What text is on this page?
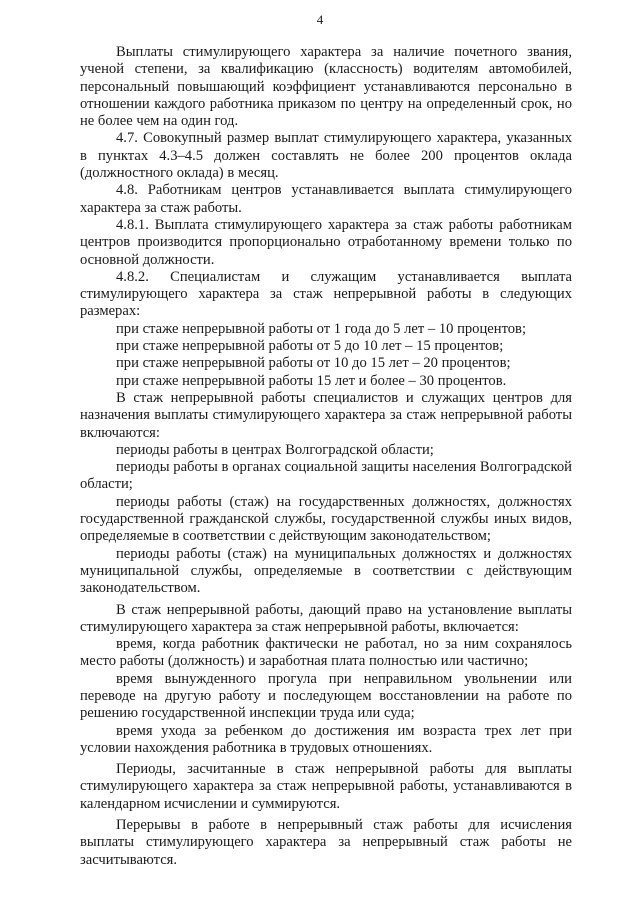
4

Выплаты стимулирующего характера за наличие почетного звания, ученой степени, за квалификацию (классность) водителям автомобилей, персональный повышающий коэффициент устанавливаются персонально в отношении каждого работника приказом по центру на определенный срок, но не более чем на один год.

4.7. Совокупный размер выплат стимулирующего характера, указанных в пунктах 4.3–4.5 должен составлять не более 200 процентов оклада (должностного оклада) в месяц.

4.8. Работникам центров устанавливается выплата стимулирующего характера за стаж работы.

4.8.1. Выплата стимулирующего характера за стаж работы работникам центров производится пропорционально отработанному времени только по основной должности.

4.8.2. Специалистам и служащим устанавливается выплата стимулирующего характера за стаж непрерывной работы в следующих размерах:

при стаже непрерывной работы от 1 года до 5 лет – 10 процентов;

при стаже непрерывной работы от 5 до 10 лет – 15 процентов;

при стаже непрерывной работы от 10 до 15 лет – 20 процентов;

при стаже непрерывной работы 15 лет и более – 30 процентов.

В стаж непрерывной работы специалистов и служащих центров для назначения выплаты стимулирующего характера за стаж непрерывной работы включаются:

периоды работы в центрах Волгоградской области;

периоды работы в органах социальной защиты населения Волгоградской области;

периоды работы (стаж) на государственных должностях, должностях государственной гражданской службы, государственной службы иных видов, определяемые в соответствии с действующим законодательством;

периоды работы (стаж) на муниципальных должностях и должностях муниципальной службы, определяемые в соответствии с действующим законодательством.

В стаж непрерывной работы, дающий право на установление выплаты стимулирующего характера за стаж непрерывной работы, включается:

время, когда работник фактически не работал, но за ним сохранялось место работы (должность) и заработная плата полностью или частично;

время вынужденного прогула при неправильном увольнении или переводе на другую работу и последующем восстановлении на работе по решению государственной инспекции труда или суда;

время ухода за ребенком до достижения им возраста трех лет при условии нахождения работника в трудовых отношениях.

Периоды, засчитанные в стаж непрерывной работы для выплаты стимулирующего характера за стаж непрерывной работы, устанавливаются в календарном исчислении и суммируются.

Перерывы в работе в непрерывный стаж работы для исчисления выплаты стимулирующего характера за непрерывный стаж работы не засчитываются.
